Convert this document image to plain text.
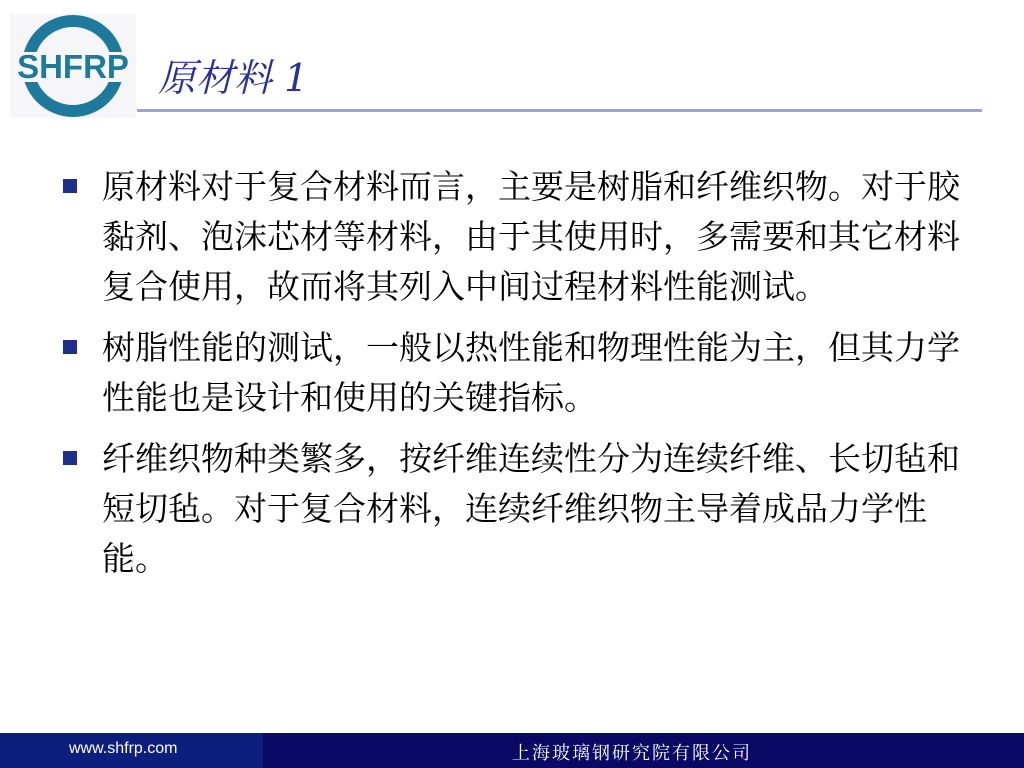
SHFRP 原材料 1
原材料对于复合材料而言，主要是树脂和纤维织物。对于胶黏剂、泡沫芯材等材料，由于其使用时，多需要和其它材料复合使用，故而将其列入中间过程材料性能测试。
树脂性能的测试，一般以热性能和物理性能为主，但其力学性能也是设计和使用的关键指标。
纤维织物种类繁多，按纤维连续性分为连续纤维、长切毡和短切毡。对于复合材料，连续纤维织物主导着成品力学性能。
www.shfrp.com	上海玻璃钢研究院有限公司
